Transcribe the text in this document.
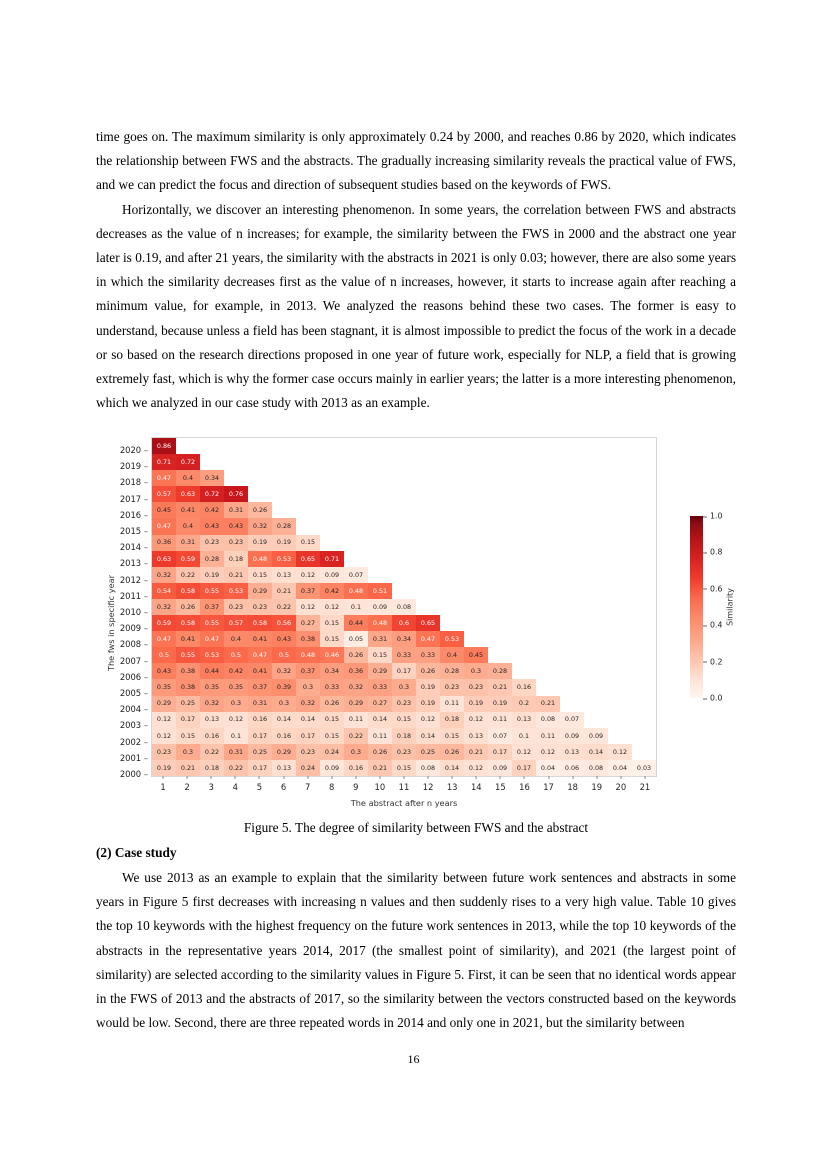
time goes on. The maximum similarity is only approximately 0.24 by 2000, and reaches 0.86 by 2020, which indicates the relationship between FWS and the abstracts. The gradually increasing similarity reveals the practical value of FWS, and we can predict the focus and direction of subsequent studies based on the keywords of FWS.

Horizontally, we discover an interesting phenomenon. In some years, the correlation between FWS and abstracts decreases as the value of n increases; for example, the similarity between the FWS in 2000 and the abstract one year later is 0.19, and after 21 years, the similarity with the abstracts in 2021 is only 0.03; however, there are also some years in which the similarity decreases first as the value of n increases, however, it starts to increase again after reaching a minimum value, for example, in 2013. We analyzed the reasons behind these two cases. The former is easy to understand, because unless a field has been stagnant, it is almost impossible to predict the focus of the work in a decade or so based on the research directions proposed in one year of future work, especially for NLP, a field that is growing extremely fast, which is why the former case occurs mainly in earlier years; the latter is a more interesting phenomenon, which we analyzed in our case study with 2013 as an example.

The fws in specific year
2020 –
2019 –
2018 –
2017 –
2016 –
2015 –
2014 –
2013 –
2012 –
2011 –
2010 –
2009 –
2008 –
2007 –
2006 –
2005 –
2004 –
2003 –
2002 –
2001 –
2000 –
0.86																				
0.71	0.72																			
0.47	0.4	0.34																		
0.57	0.63	0.72	0.76																	
0.45	0.41	0.42	0.31	0.26																
0.47	0.4	0.43	0.43	0.32	0.28															
0.36	0.31	0.23	0.23	0.19	0.19	0.15														
0.63	0.59	0.28	0.18	0.48	0.53	0.65	0.71													
0.32	0.22	0.19	0.21	0.15	0.13	0.12	0.09	0.07												
0.54	0.58	0.55	0.53	0.29	0.21	0.37	0.42	0.48	0.51											
0.32	0.26	0.37	0.23	0.23	0.22	0.12	0.12	0.1	0.09	0.08										
0.59	0.58	0.55	0.57	0.58	0.56	0.27	0.15	0.44	0.48	0.6	0.65									
0.47	0.41	0.47	0.4	0.41	0.43	0.38	0.15	0.05	0.31	0.34	0.47	0.53								
0.5	0.55	0.53	0.5	0.47	0.5	0.48	0.46	0.26	0.15	0.33	0.33	0.4	0.45							
0.43	0.38	0.44	0.42	0.41	0.32	0.37	0.34	0.36	0.29	0.17	0.26	0.28	0.3	0.28						
0.35	0.38	0.35	0.35	0.37	0.39	0.3	0.33	0.32	0.33	0.3	0.19	0.23	0.23	0.21	0.16					
0.29	0.25	0.32	0.3	0.31	0.3	0.32	0.26	0.29	0.27	0.23	0.19	0.11	0.19	0.19	0.2	0.21				
0.12	0.17	0.13	0.12	0.16	0.14	0.14	0.15	0.11	0.14	0.15	0.12	0.18	0.12	0.11	0.13	0.08	0.07			
0.12	0.15	0.16	0.1	0.17	0.16	0.17	0.15	0.22	0.11	0.18	0.14	0.15	0.13	0.07	0.1	0.11	0.09	0.09		
0.23	0.3	0.22	0.31	0.25	0.29	0.23	0.24	0.3	0.26	0.23	0.25	0.26	0.21	0.17	0.12	0.12	0.13	0.14	0.12	
0.19	0.21	0.18	0.22	0.17	0.13	0.24	0.09	0.16	0.21	0.15	0.08	0.14	0.12	0.09	0.17	0.04	0.06	0.08	0.04	0.03
1 2 3 4 5 6 7 8 9 10 11 12 13 14 15 16 17 18 19 20 21
The abstract after n years
1.0
0.8
0.6
0.4
0.2
0.0
Similarity
Figure 5. The degree of similarity between FWS and the abstract
(2) Case study

We use 2013 as an example to explain that the similarity between future work sentences and abstracts in some years in Figure 5 first decreases with increasing n values and then suddenly rises to a very high value. Table 10 gives the top 10 keywords with the highest frequency on the future work sentences in 2013, while the top 10 keywords of the abstracts in the representative years 2014, 2017 (the smallest point of similarity), and 2021 (the largest point of similarity) are selected according to the similarity values in Figure 5. First, it can be seen that no identical words appear in the FWS of 2013 and the abstracts of 2017, so the similarity between the vectors constructed based on the keywords would be low. Second, there are three repeated words in 2014 and only one in 2021, but the similarity between

16
